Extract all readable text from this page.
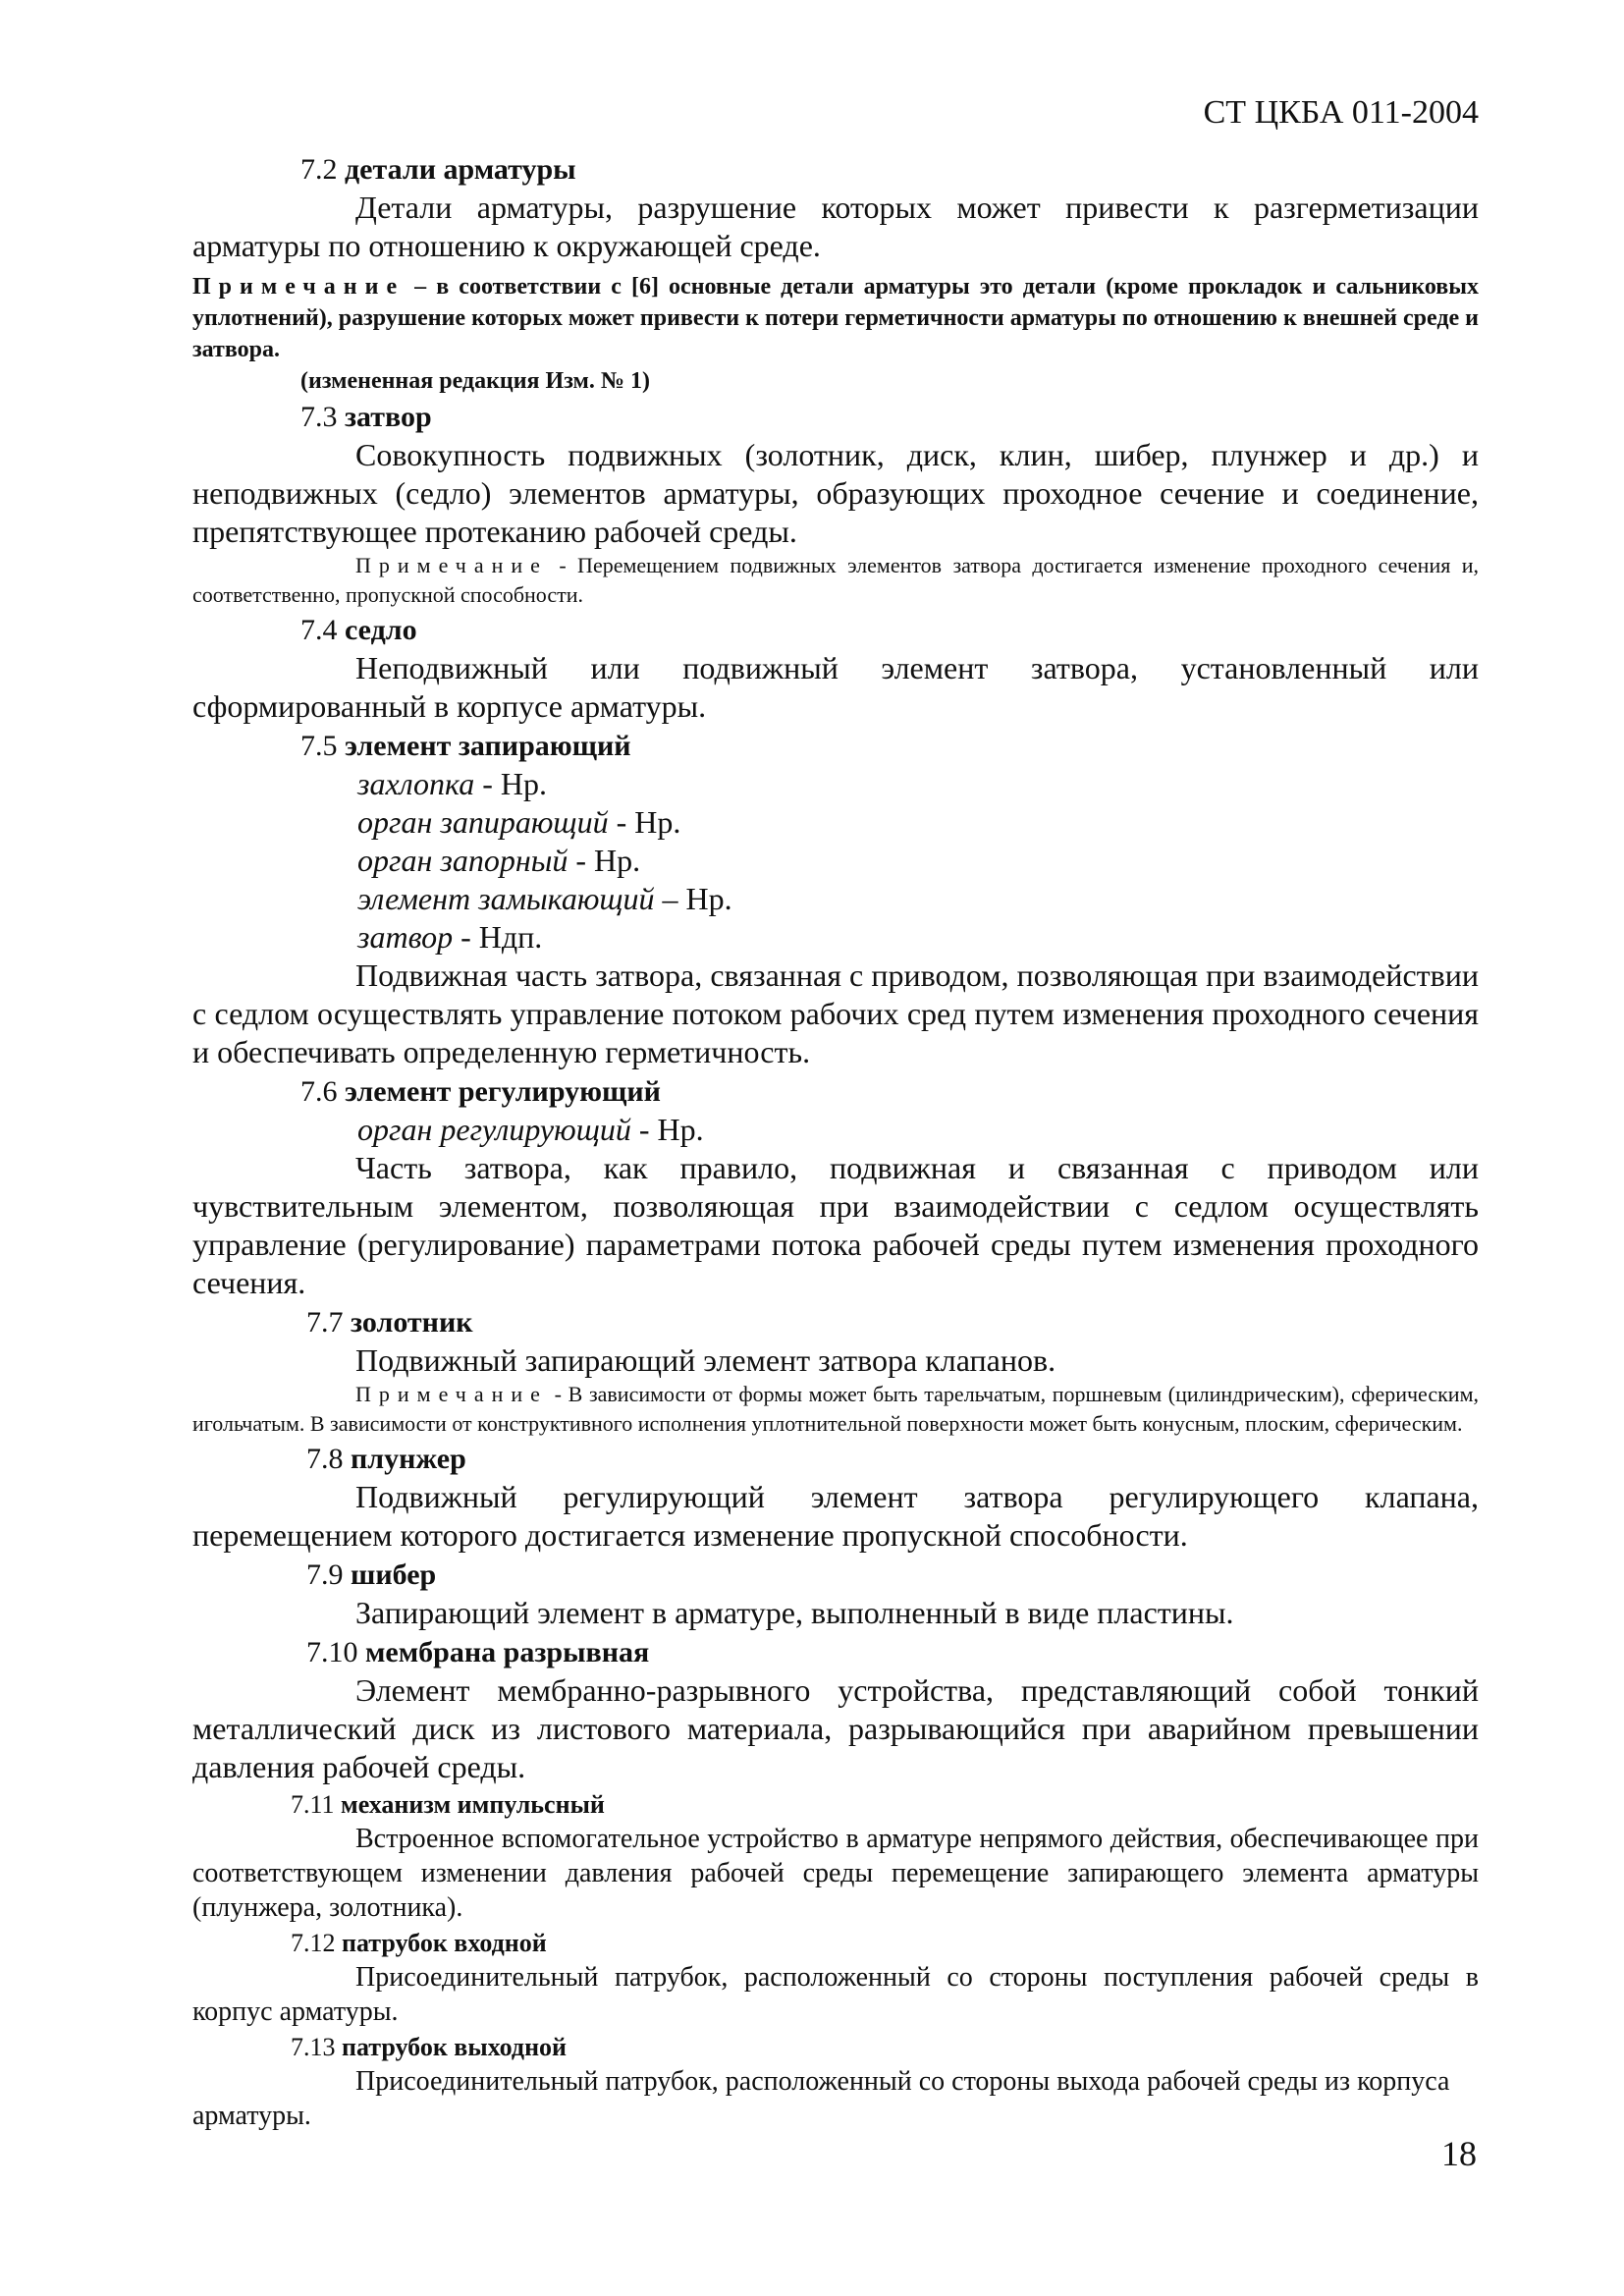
СТ ЦКБА 011-2004
7.2 детали арматуры

Детали арматуры, разрушение которых может привести к разгерметизации арматуры по отношению к окружающей среде.

Примечание – в соответствии с [6] основные детали арматуры это детали (кроме прокладок и сальниковых уплотнений), разрушение которых может привести к потери герметичности арматуры по отношению к внешней среде и затвора.
(измененная редакция Изм. № 1)
7.3 затвор

Совокупность подвижных (золотник, диск, клин, шибер, плунжер и др.) и неподвижных (седло) элементов арматуры, образующих проходное сечение и соединение, препятствующее протеканию рабочей среды.

Примечание - Перемещением подвижных элементов затвора достигается изменение проходного сечения и, соответственно, пропускной способности.
7.4 седло

Неподвижный или подвижный элемент затвора, установленный или сформированный в корпусе арматуры.

7.5 элемент запирающий
захлопка - Нр.
орган запирающий - Нр.
орган запорный - Нр.
элемент замыкающий – Нр.
затвор - Ндп.

Подвижная часть затвора, связанная с приводом, позволяющая при взаимодействии с седлом осуществлять управление потоком рабочих сред путем изменения проходного сечения и обеспечивать определенную герметичность.

7.6 элемент регулирующий
орган регулирующий - Нр.

Часть затвора, как правило, подвижная и связанная с приводом или чувствительным элементом, позволяющая при взаимодействии с седлом осуществлять управление (регулирование) параметрами потока рабочей среды путем изменения проходного сечения.

7.7 золотник

Подвижный запирающий элемент затвора клапанов.

Примечание - В зависимости от формы может быть тарельчатым, поршневым (цилиндрическим), сферическим, игольчатым. В зависимости от конструктивного исполнения уплотнительной поверхности может быть конусным, плоским, сферическим.
7.8 плунжер

Подвижный регулирующий элемент затвора регулирующего клапана, перемещением которого достигается изменение пропускной способности.

7.9 шибер

Запирающий элемент в арматуре, выполненный в виде пластины.

7.10 мембрана разрывная

Элемент мембранно-разрывного устройства, представляющий собой тонкий металлический диск из листового материала, разрывающийся при аварийном превышении давления рабочей среды.

7.11 механизм импульсный

Встроенное вспомогательное устройство в арматуре непрямого действия, обеспечивающее при соответствующем изменении давления рабочей среды перемещение запирающего элемента арматуры (плунжера, золотника).

7.12 патрубок входной

Присоединительный патрубок, расположенный со стороны поступления рабочей среды в корпус арматуры.

7.13 патрубок выходной

Присоединительный патрубок, расположенный со стороны выхода рабочей среды из корпуса арматуры.

18
